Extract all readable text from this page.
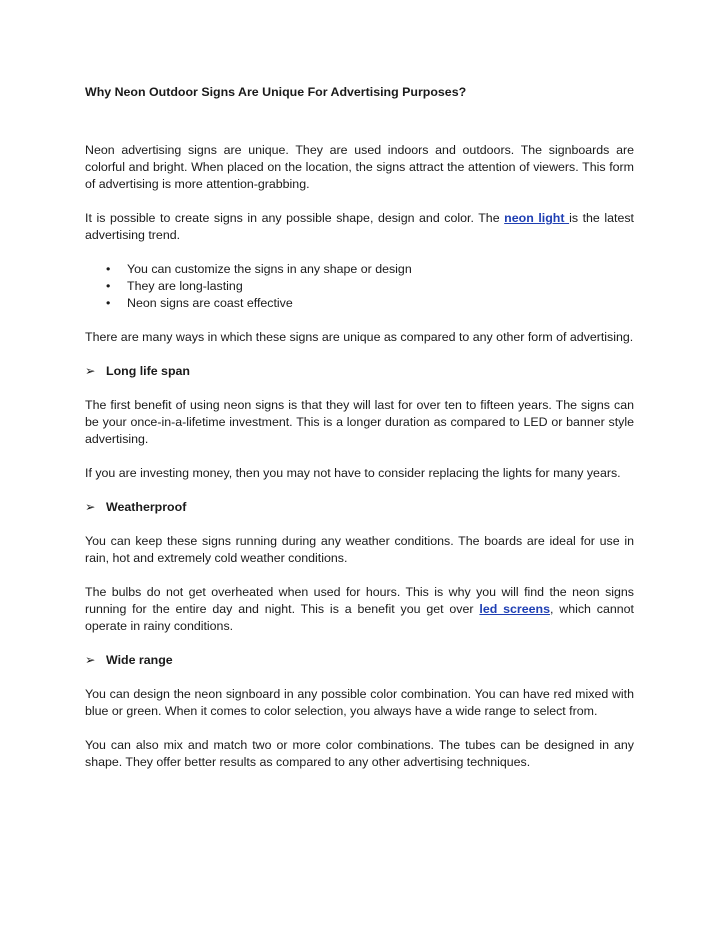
Why Neon Outdoor Signs Are Unique For Advertising Purposes?

Neon advertising signs are unique. They are used indoors and outdoors. The signboards are colorful and bright. When placed on the location, the signs attract the attention of viewers. This form of advertising is more attention-grabbing.

It is possible to create signs in any possible shape, design and color. The neon light is the latest advertising trend.

• You can customize the signs in any shape or design
• They are long-lasting
• Neon signs are coast effective

There are many ways in which these signs are unique as compared to any other form of advertising.

➢ Long life span

The first benefit of using neon signs is that they will last for over ten to fifteen years. The signs can be your once-in-a-lifetime investment. This is a longer duration as compared to LED or banner style advertising.

If you are investing money, then you may not have to consider replacing the lights for many years.

➢ Weatherproof

You can keep these signs running during any weather conditions. The boards are ideal for use in rain, hot and extremely cold weather conditions.

The bulbs do not get overheated when used for hours. This is why you will find the neon signs running for the entire day and night. This is a benefit you get over led screens, which cannot operate in rainy conditions.

➢ Wide range

You can design the neon signboard in any possible color combination. You can have red mixed with blue or green. When it comes to color selection, you always have a wide range to select from.

You can also mix and match two or more color combinations. The tubes can be designed in any shape. They offer better results as compared to any other advertising techniques.
